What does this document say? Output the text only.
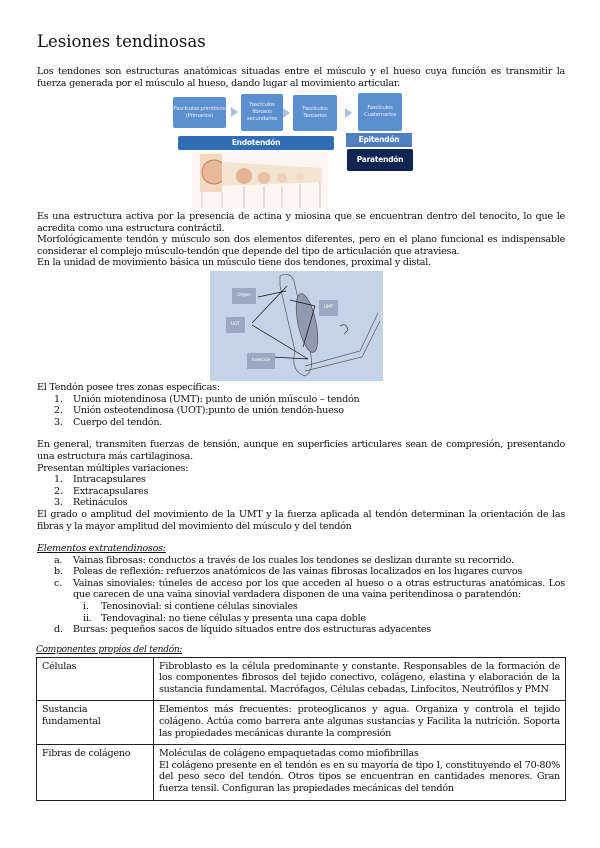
Lesiones tendinosas

Los tendones son estructuras anatómicas situadas entre el músculo y el hueso cuya función es transmitir la fuerza generada por el músculo al hueso, dando lugar al movimiento articular.

Fascículos primitivos (Primarios)
Fascículos fibrosos secundarios
Fascículos Terciarios
Fascículos Cuaternarios
Endotendón	Epitendón
Paratendón

Es una estructura activa por la presencia de actina y miosina que se encuentran dentro del tenocito, lo que le acredita como una estructura contráctil.

Morfológicamente tendón y músculo son dos elementos diferentes, pero en el plano funcional es indispensable considerar el complejo músculo-tendón que depende del tipo de articulación que atraviesa.

En la unidad de movimiento básica un músculo tiene dos tendones, proximal y distal.

Origen
UOT
UMT
Inserción

El Tendón posee tres zonas específicas:

1. Unión miotendinosa (UMT): punto de unión músculo – tendón
2. Unión osteotendinosa (UOT):punto de unión tendón-hueso
3. Cuerpo del tendón.

En general, transmiten fuerzas de tensión, aunque en superficies articulares sean de compresión, presentando una estructura más cartilaginosa.

Presentan múltiples variaciones:

1. Intracapsulares
2. Extracapsulares
3. Retináculos

El grado o amplitud del movimiento de la UMT y la fuerza aplicada al tendón determinan la orientación de las fibras y la mayor amplitud del movimiento del músculo y del tendón

Elementos extratendinosos:

a. Vainas fibrosas: conductos a través de los cuales los tendones se deslizan durante su recorrido.

b. Poleas de reflexión: refuerzos anatómicos de las vainas fibrosas localizados en los lugares curvos

c. Vainas sinoviales: túneles de acceso por los que acceden al hueso o a otras estructuras anatómicas. Los que carecen de una vaina sinovial verdadera disponen de una vaina peritendinosa o paratendón:

i. Tenosinovial: si contiene células sinoviales
ii. Tendovaginal: no tiene células y presenta una capa doble
d. Bursas: pequeños sacos de líquido situados entre dos estructuras adyacentes

Componentes propios del tendón:

Células	Fibroblasto es la célula predominante y constante. Responsables de la formación de los componentes fibrosos del tejido conectivo, colágeno, elastina y elaboración de la sustancia fundamental. Macrófagos, Células cebadas, Linfocitos, Neutrófilos y PMN

Sustancia fundamental	Elementos más frecuentes: proteoglicanos y agua. Organiza y controla el tejido colágeno. Actúa como barrera ante algunas sustancias y Facilita la nutrición. Soporta las propiedades mecánicas durante la compresión

Fibras de colágeno	Moléculas de colágeno empaquetadas como miofibrillas

El colágeno presente en el tendón es en su mayoría de tipo I, constituyendo el 70-80% del peso seco del tendón. Otros tipos se encuentran en cantidades menores. Gran fuerza tensil. Configuran las propiedades mecánicas del tendón
